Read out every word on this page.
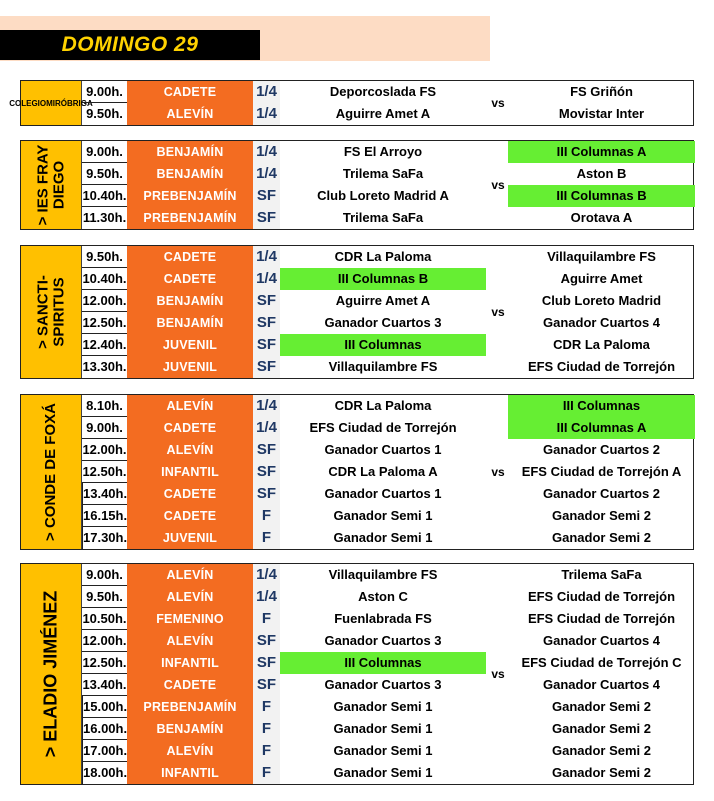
DOMINGO 29
COLEGIO MIRÓBRIGA
9.00h.	CADETE	1/4	Deporcoslada FS	FS Griñón
9.50h.	ALEVÍN	1/4	Aguirre Amet A	Movistar Inter
vs
> IES FRAY
DIEGO
9.00h.	BENJAMÍN	1/4	FS El Arroyo	III Columnas A
9.50h.	BENJAMÍN	1/4	Trilema SaFa	Aston B
10.40h.	PREBENJAMÍN	SF	Club Loreto Madrid A	III Columnas B
11.30h.	PREBENJAMÍN	SF	Trilema SaFa	Orotava A
vs
> SANCTI-
SPIRITUS
9.50h.	CADETE	1/4	CDR La Paloma	Villaquilambre FS
10.40h.	CADETE	1/4	III Columnas B	Aguirre Amet
12.00h.	BENJAMÍN	SF	Aguirre Amet A	Club Loreto Madrid
12.50h.	BENJAMÍN	SF	Ganador Cuartos 3	Ganador Cuartos 4
12.40h.	JUVENIL	SF	III Columnas	CDR La Paloma
13.30h.	JUVENIL	SF	Villaquilambre FS	EFS Ciudad de Torrejón
vs
> CONDE DE FOXÁ	8.10h.	ALEVÍN	1/4	CDR La Paloma	III Columnas
9.00h.	CADETE	1/4	EFS Ciudad de Torrejón	III Columnas A
12.00h.	ALEVÍN	SF	Ganador Cuartos 1	Ganador Cuartos 2
12.50h.	INFANTIL	SF	CDR La Paloma A	EFS Ciudad de Torrejón A
13.40h.	CADETE	SF	Ganador Cuartos 1	Ganador Cuartos 2
16.15h.	CADETE	F	Ganador Semi 1	Ganador Semi 2
17.30h.	JUVENIL	F	Ganador Semi 1	Ganador Semi 2
vs
> ELADIO JIMÉNEZ
9.00h.	ALEVÍN	1/4	Villaquilambre FS	Trilema SaFa
9.50h.	ALEVÍN	1/4	Aston C	EFS Ciudad de Torrejón
10.50h.	FEMENINO	F	Fuenlabrada FS	EFS Ciudad de Torrejón
12.00h.	ALEVÍN	SF	Ganador Cuartos 3	Ganador Cuartos 4
12.50h.	INFANTIL	SF	III Columnas	EFS Ciudad de Torrejón C
13.40h.	CADETE	SF	Ganador Cuartos 3	Ganador Cuartos 4
15.00h.	PREBENJAMÍN	F	Ganador Semi 1	Ganador Semi 2
16.00h.	BENJAMÍN	F	Ganador Semi 1	Ganador Semi 2
17.00h.	ALEVÍN	F	Ganador Semi 1	Ganador Semi 2
18.00h.	INFANTIL	F	Ganador Semi 1	Ganador Semi 2
vs
